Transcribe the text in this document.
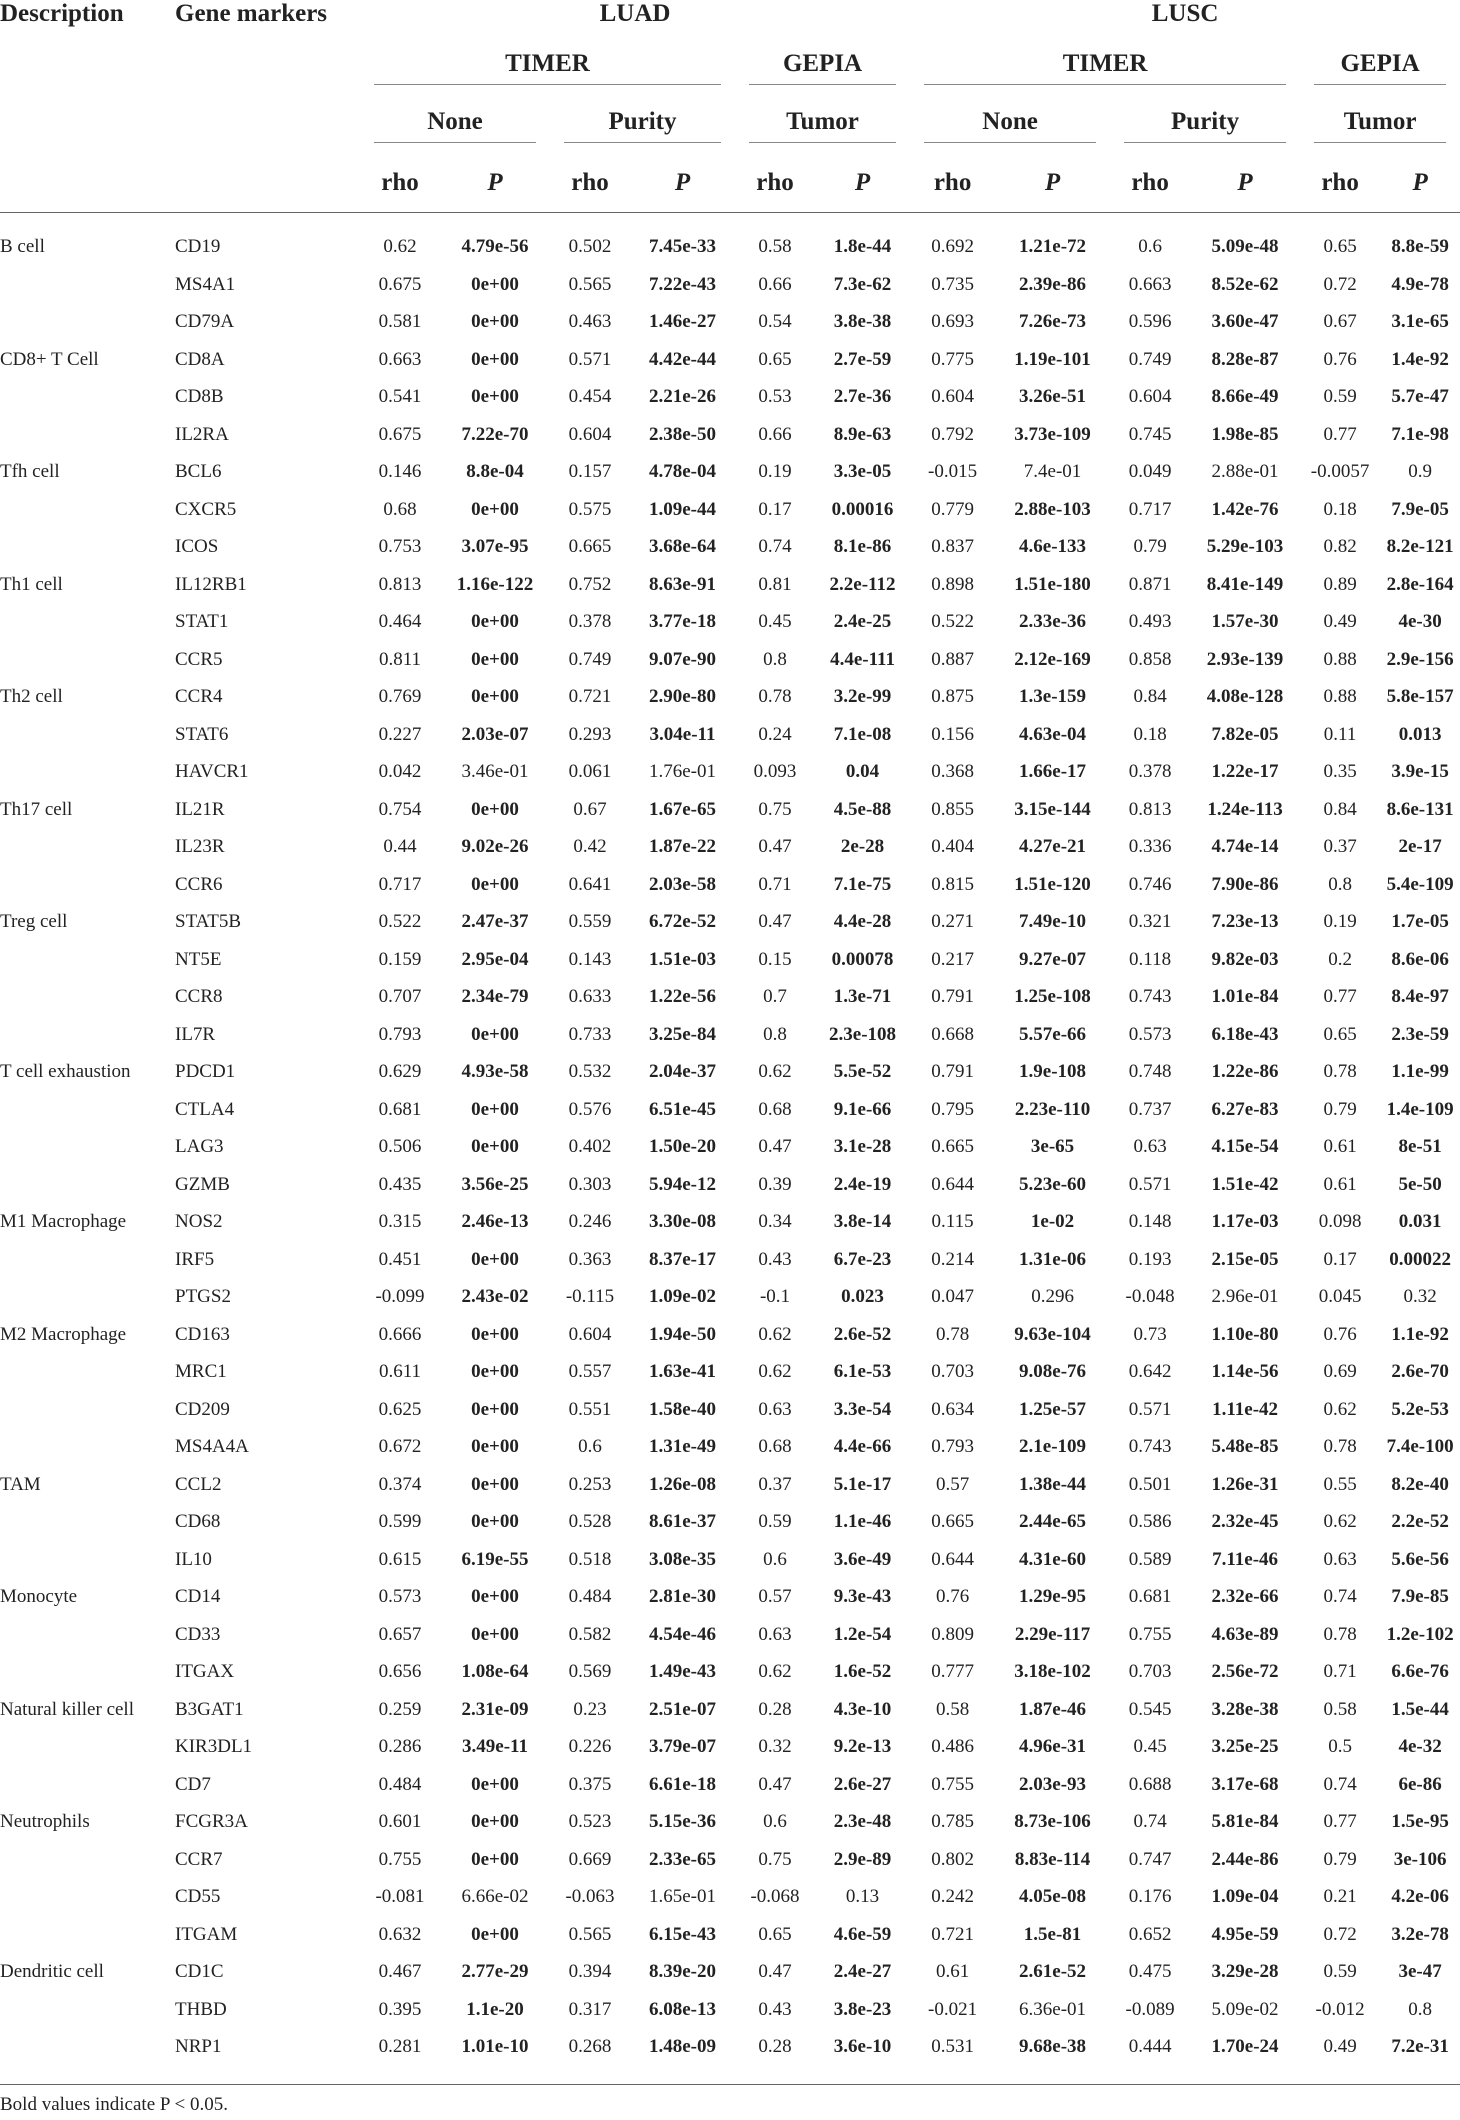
Description	Gene markers	LUAD						LUSC					

		TIMER				GEPIA		TIMER				GEPIA	

		None		Purity		Tumor		None		Purity		Tumor	

		rho	P	rho	P	rho	P	rho	P	rho	P	rho	P

B cell	CD19	0.62	4.79e-56	0.502	7.45e-33	0.58	1.8e-44	0.692	1.21e-72	0.6	5.09e-48	0.65	8.8e-59
	MS4A1	0.675	0e+00	0.565	7.22e-43	0.66	7.3e-62	0.735	2.39e-86	0.663	8.52e-62	0.72	4.9e-78
	CD79A	0.581	0e+00	0.463	1.46e-27	0.54	3.8e-38	0.693	7.26e-73	0.596	3.60e-47	0.67	3.1e-65
CD8+ T Cell	CD8A	0.663	0e+00	0.571	4.42e-44	0.65	2.7e-59	0.775	1.19e-101	0.749	8.28e-87	0.76	1.4e-92
	CD8B	0.541	0e+00	0.454	2.21e-26	0.53	2.7e-36	0.604	3.26e-51	0.604	8.66e-49	0.59	5.7e-47
	IL2RA	0.675	7.22e-70	0.604	2.38e-50	0.66	8.9e-63	0.792	3.73e-109	0.745	1.98e-85	0.77	7.1e-98
Tfh cell	BCL6	0.146	8.8e-04	0.157	4.78e-04	0.19	3.3e-05	-0.015	7.4e-01	0.049	2.88e-01	-0.0057	0.9
	CXCR5	0.68	0e+00	0.575	1.09e-44	0.17	0.00016	0.779	2.88e-103	0.717	1.42e-76	0.18	7.9e-05
	ICOS	0.753	3.07e-95	0.665	3.68e-64	0.74	8.1e-86	0.837	4.6e-133	0.79	5.29e-103	0.82	8.2e-121
Th1 cell	IL12RB1	0.813	1.16e-122	0.752	8.63e-91	0.81	2.2e-112	0.898	1.51e-180	0.871	8.41e-149	0.89	2.8e-164
	STAT1	0.464	0e+00	0.378	3.77e-18	0.45	2.4e-25	0.522	2.33e-36	0.493	1.57e-30	0.49	4e-30
	CCR5	0.811	0e+00	0.749	9.07e-90	0.8	4.4e-111	0.887	2.12e-169	0.858	2.93e-139	0.88	2.9e-156
Th2 cell	CCR4	0.769	0e+00	0.721	2.90e-80	0.78	3.2e-99	0.875	1.3e-159	0.84	4.08e-128	0.88	5.8e-157
	STAT6	0.227	2.03e-07	0.293	3.04e-11	0.24	7.1e-08	0.156	4.63e-04	0.18	7.82e-05	0.11	0.013
	HAVCR1	0.042	3.46e-01	0.061	1.76e-01	0.093	0.04	0.368	1.66e-17	0.378	1.22e-17	0.35	3.9e-15
Th17 cell	IL21R	0.754	0e+00	0.67	1.67e-65	0.75	4.5e-88	0.855	3.15e-144	0.813	1.24e-113	0.84	8.6e-131
	IL23R	0.44	9.02e-26	0.42	1.87e-22	0.47	2e-28	0.404	4.27e-21	0.336	4.74e-14	0.37	2e-17
	CCR6	0.717	0e+00	0.641	2.03e-58	0.71	7.1e-75	0.815	1.51e-120	0.746	7.90e-86	0.8	5.4e-109
Treg cell	STAT5B	0.522	2.47e-37	0.559	6.72e-52	0.47	4.4e-28	0.271	7.49e-10	0.321	7.23e-13	0.19	1.7e-05
	NT5E	0.159	2.95e-04	0.143	1.51e-03	0.15	0.00078	0.217	9.27e-07	0.118	9.82e-03	0.2	8.6e-06
	CCR8	0.707	2.34e-79	0.633	1.22e-56	0.7	1.3e-71	0.791	1.25e-108	0.743	1.01e-84	0.77	8.4e-97
	IL7R	0.793	0e+00	0.733	3.25e-84	0.8	2.3e-108	0.668	5.57e-66	0.573	6.18e-43	0.65	2.3e-59
T cell exhaustion	PDCD1	0.629	4.93e-58	0.532	2.04e-37	0.62	5.5e-52	0.791	1.9e-108	0.748	1.22e-86	0.78	1.1e-99
	CTLA4	0.681	0e+00	0.576	6.51e-45	0.68	9.1e-66	0.795	2.23e-110	0.737	6.27e-83	0.79	1.4e-109
	LAG3	0.506	0e+00	0.402	1.50e-20	0.47	3.1e-28	0.665	3e-65	0.63	4.15e-54	0.61	8e-51
	GZMB	0.435	3.56e-25	0.303	5.94e-12	0.39	2.4e-19	0.644	5.23e-60	0.571	1.51e-42	0.61	5e-50
M1 Macrophage	NOS2	0.315	2.46e-13	0.246	3.30e-08	0.34	3.8e-14	0.115	1e-02	0.148	1.17e-03	0.098	0.031
	IRF5	0.451	0e+00	0.363	8.37e-17	0.43	6.7e-23	0.214	1.31e-06	0.193	2.15e-05	0.17	0.00022
	PTGS2	-0.099	2.43e-02	-0.115	1.09e-02	-0.1	0.023	0.047	0.296	-0.048	2.96e-01	0.045	0.32
M2 Macrophage	CD163	0.666	0e+00	0.604	1.94e-50	0.62	2.6e-52	0.78	9.63e-104	0.73	1.10e-80	0.76	1.1e-92
	MRC1	0.611	0e+00	0.557	1.63e-41	0.62	6.1e-53	0.703	9.08e-76	0.642	1.14e-56	0.69	2.6e-70
	CD209	0.625	0e+00	0.551	1.58e-40	0.63	3.3e-54	0.634	1.25e-57	0.571	1.11e-42	0.62	5.2e-53
	MS4A4A	0.672	0e+00	0.6	1.31e-49	0.68	4.4e-66	0.793	2.1e-109	0.743	5.48e-85	0.78	7.4e-100
TAM	CCL2	0.374	0e+00	0.253	1.26e-08	0.37	5.1e-17	0.57	1.38e-44	0.501	1.26e-31	0.55	8.2e-40
	CD68	0.599	0e+00	0.528	8.61e-37	0.59	1.1e-46	0.665	2.44e-65	0.586	2.32e-45	0.62	2.2e-52
	IL10	0.615	6.19e-55	0.518	3.08e-35	0.6	3.6e-49	0.644	4.31e-60	0.589	7.11e-46	0.63	5.6e-56
Monocyte	CD14	0.573	0e+00	0.484	2.81e-30	0.57	9.3e-43	0.76	1.29e-95	0.681	2.32e-66	0.74	7.9e-85
	CD33	0.657	0e+00	0.582	4.54e-46	0.63	1.2e-54	0.809	2.29e-117	0.755	4.63e-89	0.78	1.2e-102
	ITGAX	0.656	1.08e-64	0.569	1.49e-43	0.62	1.6e-52	0.777	3.18e-102	0.703	2.56e-72	0.71	6.6e-76
Natural killer cell	B3GAT1	0.259	2.31e-09	0.23	2.51e-07	0.28	4.3e-10	0.58	1.87e-46	0.545	3.28e-38	0.58	1.5e-44
	KIR3DL1	0.286	3.49e-11	0.226	3.79e-07	0.32	9.2e-13	0.486	4.96e-31	0.45	3.25e-25	0.5	4e-32
	CD7	0.484	0e+00	0.375	6.61e-18	0.47	2.6e-27	0.755	2.03e-93	0.688	3.17e-68	0.74	6e-86
Neutrophils	FCGR3A	0.601	0e+00	0.523	5.15e-36	0.6	2.3e-48	0.785	8.73e-106	0.74	5.81e-84	0.77	1.5e-95
	CCR7	0.755	0e+00	0.669	2.33e-65	0.75	2.9e-89	0.802	8.83e-114	0.747	2.44e-86	0.79	3e-106
	CD55	-0.081	6.66e-02	-0.063	1.65e-01	-0.068	0.13	0.242	4.05e-08	0.176	1.09e-04	0.21	4.2e-06
	ITGAM	0.632	0e+00	0.565	6.15e-43	0.65	4.6e-59	0.721	1.5e-81	0.652	4.95e-59	0.72	3.2e-78
Dendritic cell	CD1C	0.467	2.77e-29	0.394	8.39e-20	0.47	2.4e-27	0.61	2.61e-52	0.475	3.29e-28	0.59	3e-47
	THBD	0.395	1.1e-20	0.317	6.08e-13	0.43	3.8e-23	-0.021	6.36e-01	-0.089	5.09e-02	-0.012	0.8
	NRP1	0.281	1.01e-10	0.268	1.48e-09	0.28	3.6e-10	0.531	9.68e-38	0.444	1.70e-24	0.49	7.2e-31
Bold values indicate P < 0.05.
